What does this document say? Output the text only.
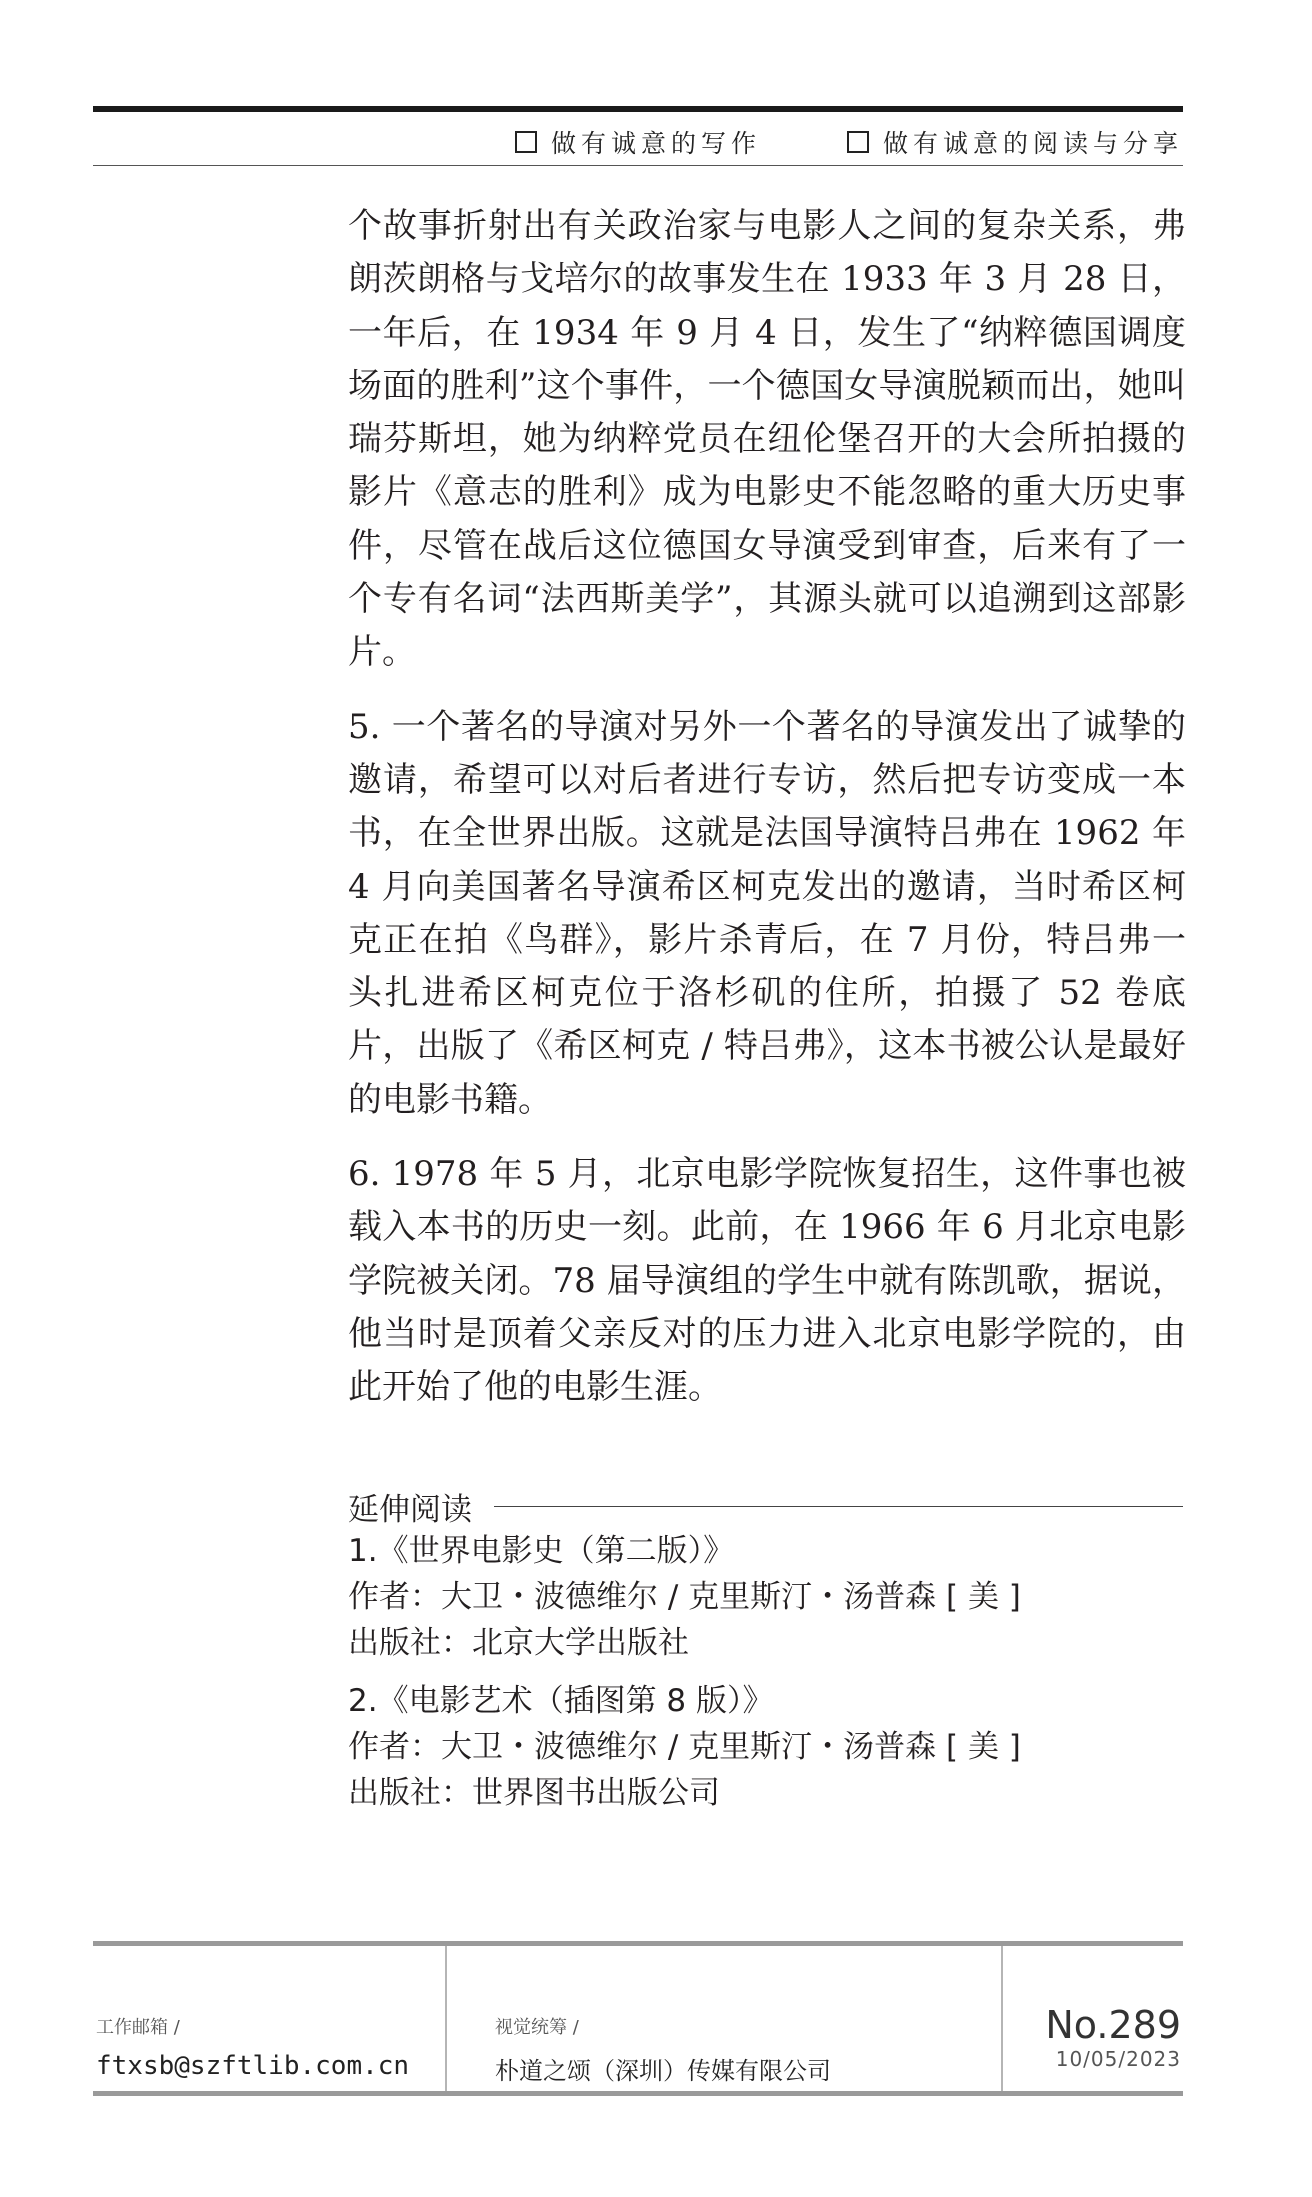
做有诚意的写作	做有诚意的阅读与分享

个故事折射出有关政治家与电影人之间的复杂关系，弗朗茨朗格与戈培尔的故事发生在 1933 年 3 月 28 日，一年后，在 1934 年 9 月 4 日，发生了“纳粹德国调度场面的胜利”这个事件，一个德国女导演脱颖而出，她叫瑞芬斯坦，她为纳粹党员在纽伦堡召开的大会所拍摄的影片《意志的胜利》成为电影史不能忽略的重大历史事件，尽管在战后这位德国女导演受到审查，后来有了一个专有名词“法西斯美学”，其源头就可以追溯到这部影片。

5. 一个著名的导演对另外一个著名的导演发出了诚挚的邀请，希望可以对后者进行专访，然后把专访变成一本书，在全世界出版。这就是法国导演特吕弗在 1962 年 4 月向美国著名导演希区柯克发出的邀请，当时希区柯克正在拍《鸟群》，影片杀青后，在 7 月份，特吕弗一头扎进希区柯克位于洛杉矶的住所，拍摄了 52 卷底片，出版了《希区柯克 / 特吕弗》，这本书被公认是最好的电影书籍。

6. 1978 年 5 月，北京电影学院恢复招生，这件事也被载入本书的历史一刻。此前，在 1966 年 6 月北京电影学院被关闭。78 届导演组的学生中就有陈凯歌，据说，他当时是顶着父亲反对的压力进入北京电影学院的，由此开始了他的电影生涯。

延伸阅读
1.《世界电影史（第二版）》
作者：大卫・波德维尔 / 克里斯汀・汤普森 [ 美 ]
出版社：北京大学出版社
2.《电影艺术（插图第 8 版）》
作者：大卫・波德维尔 / 克里斯汀・汤普森 [ 美 ]
出版社：世界图书出版公司
工作邮箱 /
ftxsb@szftlib.com.cn
视觉统筹 /
朴道之颂（深圳）传媒有限公司
No.289
10/05/2023
